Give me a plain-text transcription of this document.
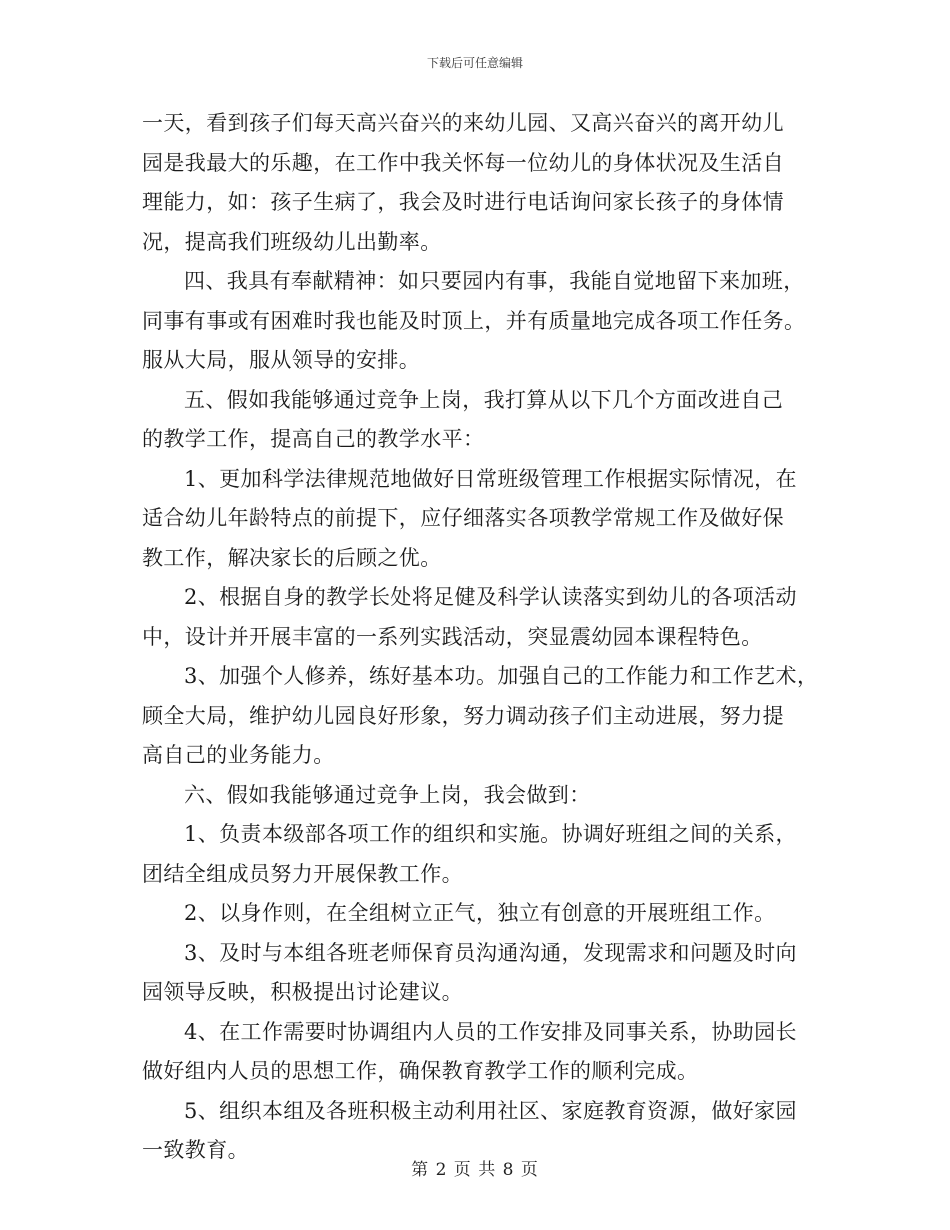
下载后可任意编辑
一天，看到孩子们每天高兴奋兴的来幼儿园、又高兴奋兴的离开幼儿
园是我最大的乐趣，在工作中我关怀每一位幼儿的身体状况及生活自
理能力，如：孩子生病了，我会及时进行电话询问家长孩子的身体情
况，提高我们班级幼儿出勤率。
四、我具有奉献精神：如只要园内有事，我能自觉地留下来加班，
同事有事或有困难时我也能及时顶上，并有质量地完成各项工作任务。
服从大局，服从领导的安排。
五、假如我能够通过竞争上岗，我打算从以下几个方面改进自己
的教学工作，提高自己的教学水平：
1、更加科学法律规范地做好日常班级管理工作根据实际情况，在
适合幼儿年龄特点的前提下，应仔细落实各项教学常规工作及做好保
教工作，解决家长的后顾之优。
2、根据自身的教学长处将足健及科学认读落实到幼儿的各项活动
中，设计并开展丰富的一系列实践活动，突显震幼园本课程特色。
3、加强个人修养，练好基本功。加强自己的工作能力和工作艺术，
顾全大局，维护幼儿园良好形象，努力调动孩子们主动进展，努力提
高自己的业务能力。
六、假如我能够通过竞争上岗，我会做到：
1、负责本级部各项工作的组织和实施。协调好班组之间的关系，
团结全组成员努力开展保教工作。
2、以身作则，在全组树立正气，独立有创意的开展班组工作。
3、及时与本组各班老师保育员沟通沟通，发现需求和问题及时向
园领导反映，积极提出讨论建议。
4、在工作需要时协调组内人员的工作安排及同事关系，协助园长
做好组内人员的思想工作，确保教育教学工作的顺利完成。
5、组织本组及各班积极主动利用社区、家庭教育资源，做好家园
一致教育。
第 2 页 共 8 页
